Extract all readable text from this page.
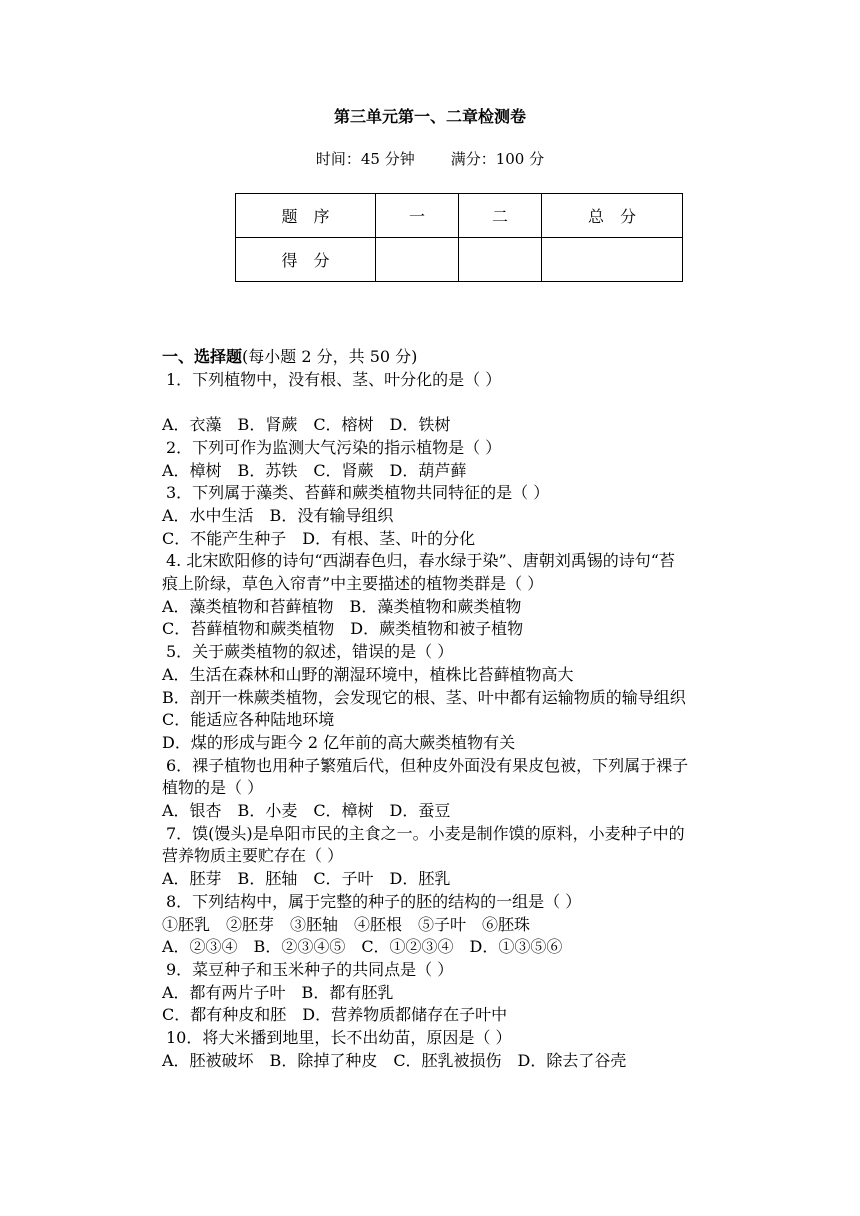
第三单元第一、二章检测卷
时间：45 分钟 满分：100 分
题　序	一	二	总　分
得　分			
一、选择题(每小题 2 分，共 50 分)
1．下列植物中，没有根、茎、叶分化的是（ ）
A．衣藻　B．肾蕨　C．榕树　D．铁树
2．下列可作为监测大气污染的指示植物是（ ）
A．樟树　B．苏铁　C．肾蕨　D．葫芦藓
3．下列属于藻类、苔藓和蕨类植物共同特征的是（ ）
A．水中生活　B．没有输导组织
C．不能产生种子　D．有根、茎、叶的分化
4. 北宋欧阳修的诗句“西湖春色归，春水绿于染”、唐朝刘禹锡的诗句“苔
痕上阶绿，草色入帘青”中主要描述的植物类群是（ ）
A．藻类植物和苔藓植物　B．藻类植物和蕨类植物
C．苔藓植物和蕨类植物　D．蕨类植物和被子植物
5．关于蕨类植物的叙述，错误的是（ ）
A．生活在森林和山野的潮湿环境中，植株比苔藓植物高大
B．剖开一株蕨类植物，会发现它的根、茎、叶中都有运输物质的输导组织
C．能适应各种陆地环境
D．煤的形成与距今 2 亿年前的高大蕨类植物有关
6．裸子植物也用种子繁殖后代，但种皮外面没有果皮包被，下列属于裸子
植物的是（ ）
A．银杏　B．小麦　C．樟树　D．蚕豆
7．馍(馒头)是阜阳市民的主食之一。小麦是制作馍的原料，小麦种子中的
营养物质主要贮存在（ ）
A．胚芽　B．胚轴　C．子叶　D．胚乳
8．下列结构中，属于完整的种子的胚的结构的一组是（ ）
①胚乳　②胚芽　③胚轴　④胚根　⑤子叶　⑥胚珠
A．②③④　B．②③④⑤　C．①②③④　D．①③⑤⑥
9．菜豆种子和玉米种子的共同点是（ ）
A．都有两片子叶　B．都有胚乳
C．都有种皮和胚　D．营养物质都储存在子叶中
10．将大米播到地里，长不出幼苗，原因是（ ）
A．胚被破坏　B．除掉了种皮　C．胚乳被损伤　D．除去了谷壳
